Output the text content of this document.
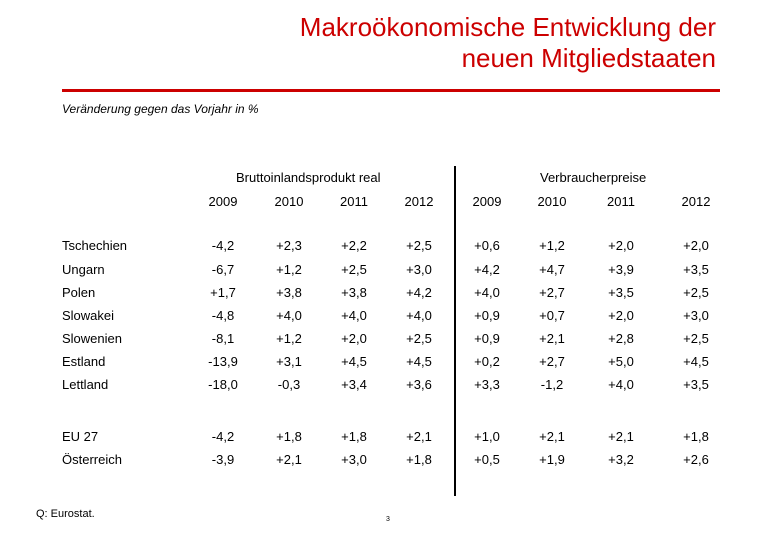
Makroökonomische Entwicklung der
neuen Mitgliedstaaten
Veränderung gegen das Vorjahr in %
Bruttoinlandsprodukt real	Verbraucherpreise
2009	2010	2011	2012	2009	2010	2011	2012
Tschechien	-4,2	+2,3	+2,2	+2,5	+0,6	+1,2	+2,0	+2,0
Ungarn	-6,7	+1,2	+2,5	+3,0	+4,2	+4,7	+3,9	+3,5
Polen	+1,7	+3,8	+3,8	+4,2	+4,0	+2,7	+3,5	+2,5
Slowakei	-4,8	+4,0	+4,0	+4,0	+0,9	+0,7	+2,0	+3,0
Slowenien	-8,1	+1,2	+2,0	+2,5	+0,9	+2,1	+2,8	+2,5
Estland	-13,9	+3,1	+4,5	+4,5	+0,2	+2,7	+5,0	+4,5
Lettland	-18,0	-0,3	+3,4	+3,6	+3,3	-1,2	+4,0	+3,5
EU 27	-4,2	+1,8	+1,8	+2,1	+1,0	+2,1	+2,1	+1,8
Österreich	-3,9	+2,1	+3,0	+1,8	+0,5	+1,9	+3,2	+2,6
Q: Eurostat.	3
